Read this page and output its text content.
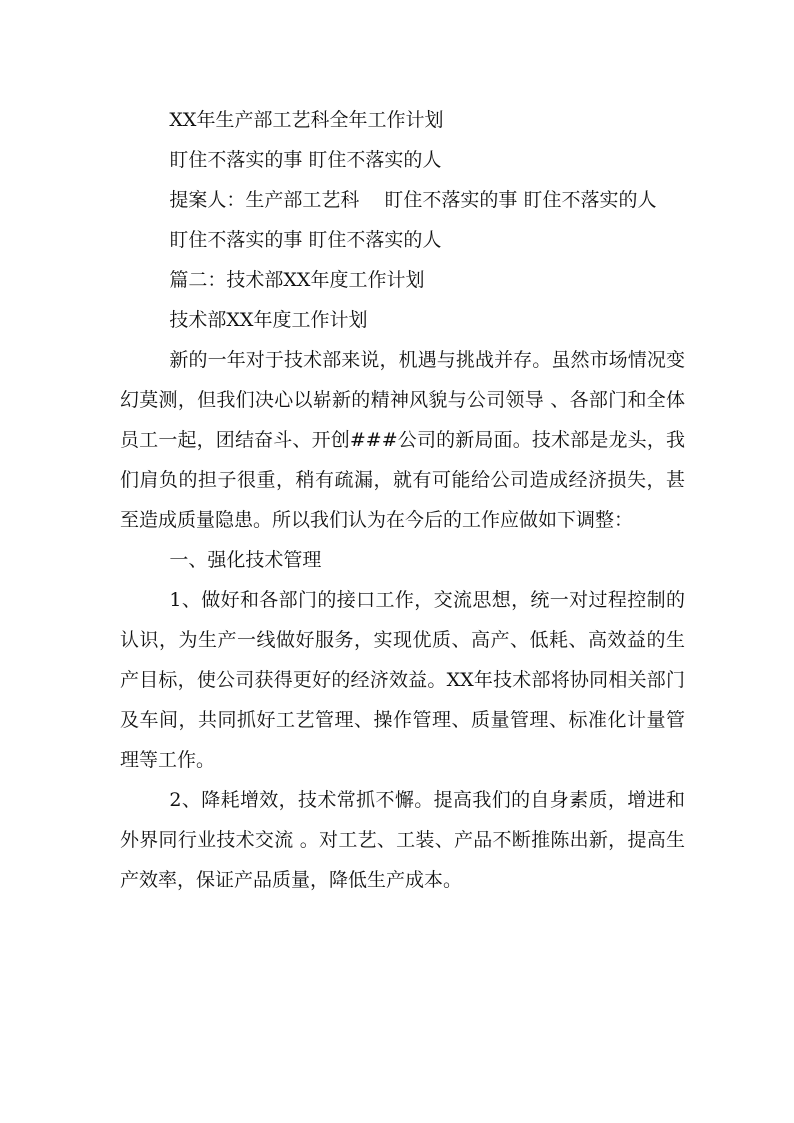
XX年生产部工艺科全年工作计划

盯住不落实的事 盯住不落实的人

提案人：生产部工艺科　 盯住不落实的事 盯住不落实的人

盯住不落实的事 盯住不落实的人

篇二：技术部XX年度工作计划

技术部XX年度工作计划

新的一年对于技术部来说，机遇与挑战并存。虽然市场情况变幻莫测，但我们决心以崭新的精神风貌与公司领导 、各部门和全体员工一起，团结奋斗、开创###公司的新局面。技术部是龙头，我们肩负的担子很重，稍有疏漏，就有可能给公司造成经济损失，甚至造成质量隐患。所以我们认为在今后的工作应做如下调整：

一、强化技术管理

1、做好和各部门的接口工作，交流思想，统一对过程控制的认识，为生产一线做好服务，实现优质、高产、低耗、高效益的生产目标，使公司获得更好的经济效益。XX年技术部将协同相关部门及车间，共同抓好工艺管理、操作管理、质量管理、标准化计量管理等工作。

2、降耗增效，技术常抓不懈。提高我们的自身素质，增进和外界同行业技术交流 。对工艺、工装、产品不断推陈出新，提高生产效率，保证产品质量，降低生产成本。
